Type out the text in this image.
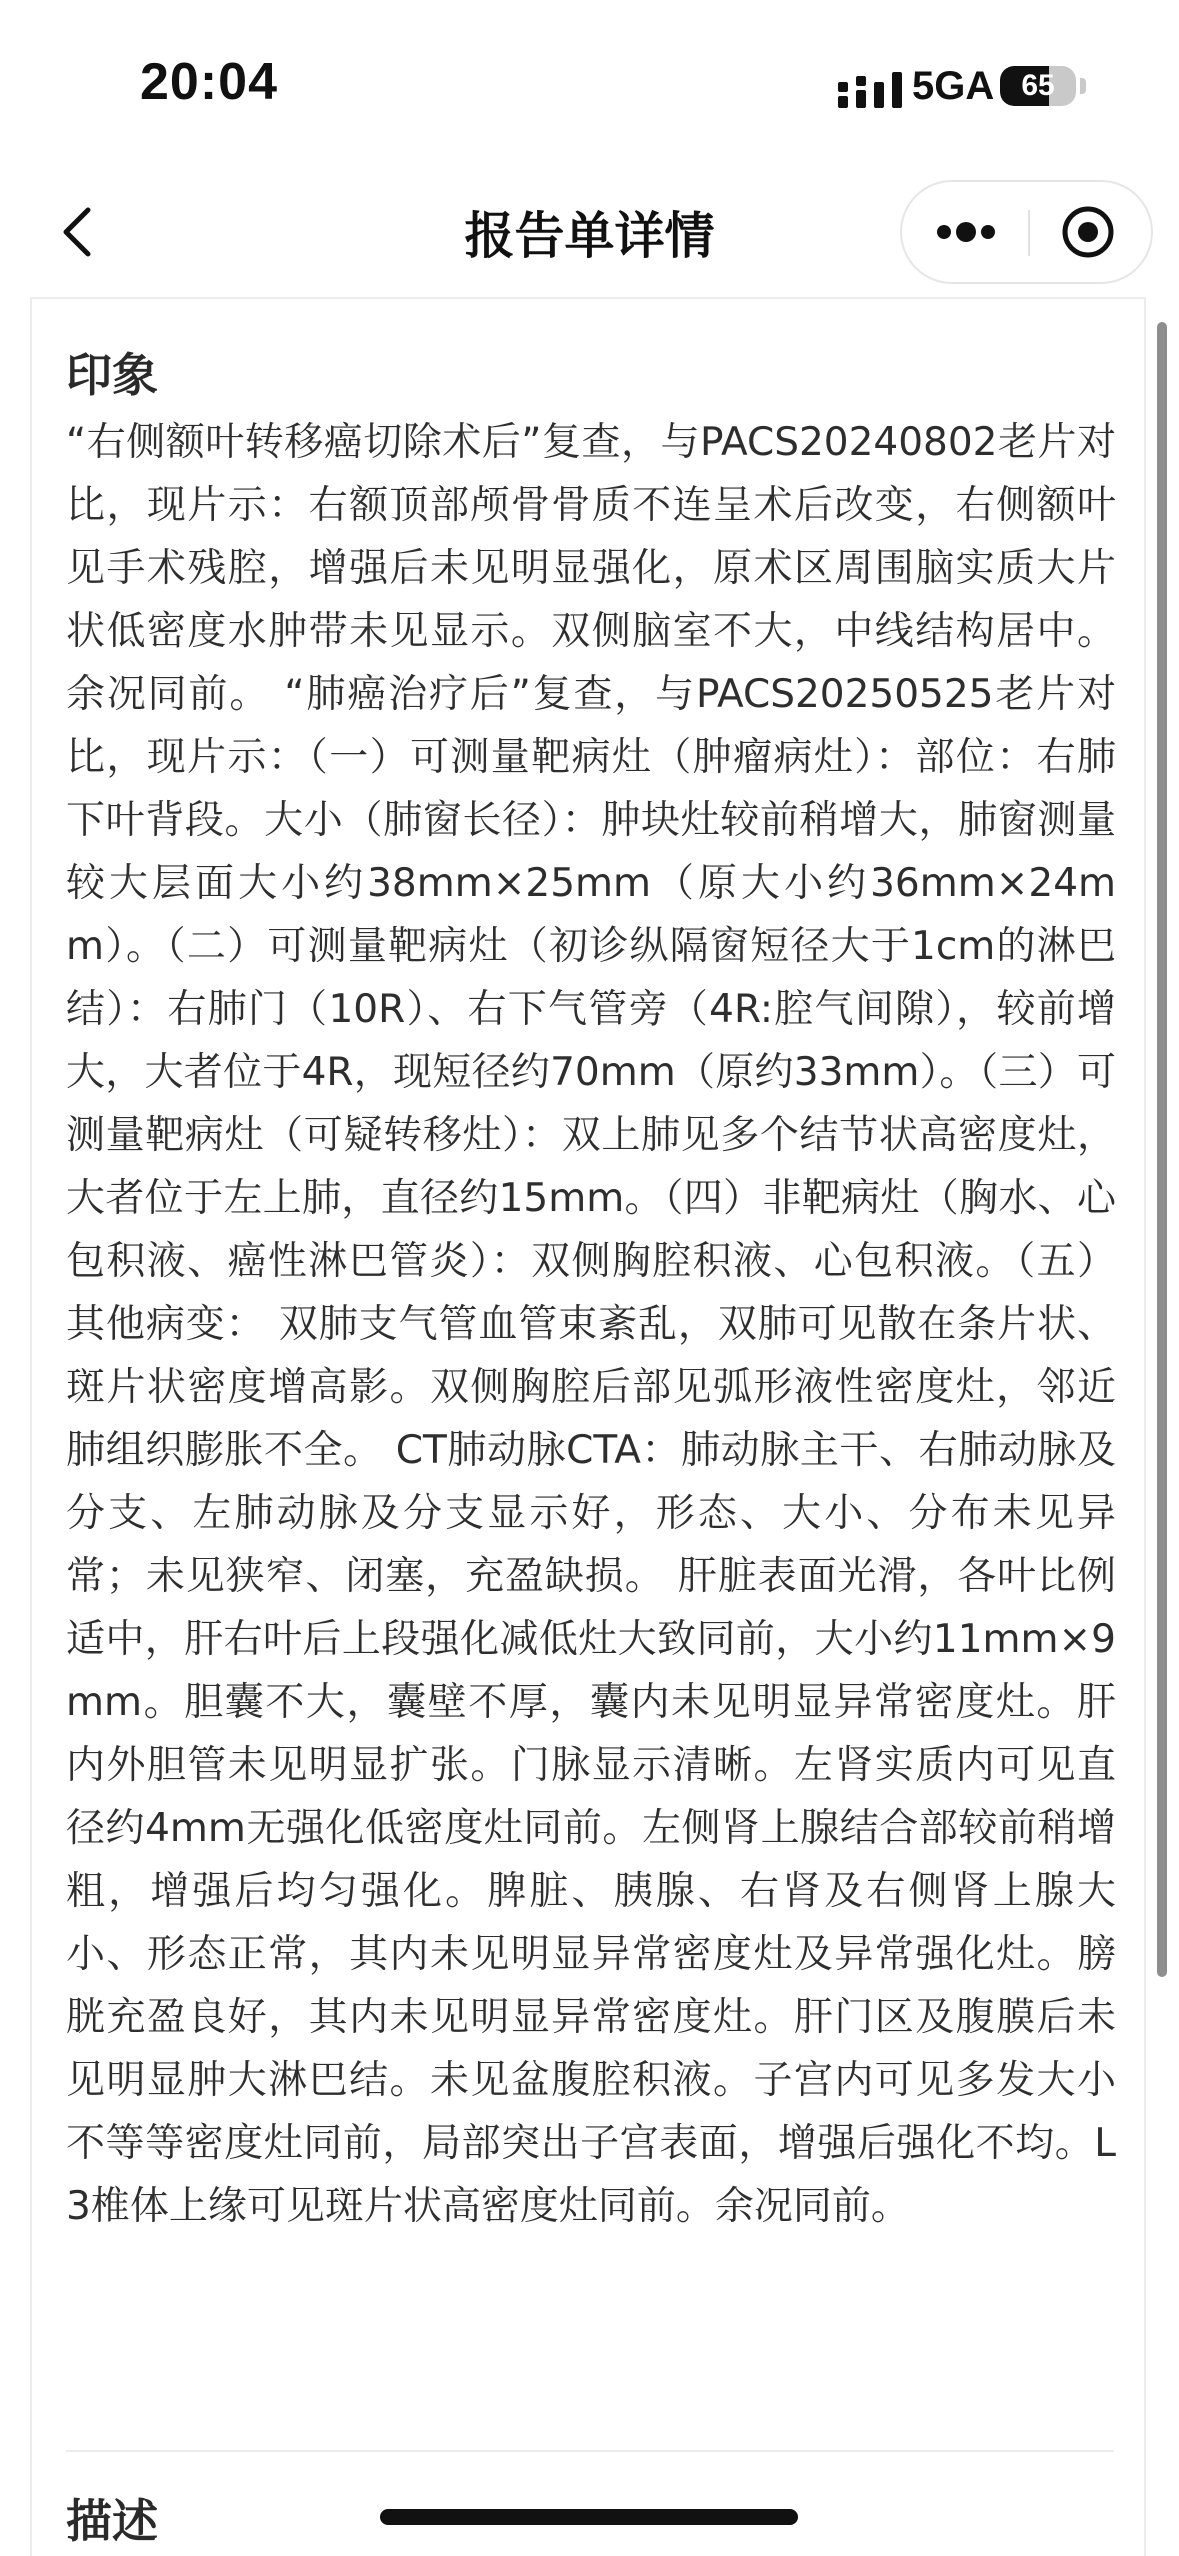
20:04	5GA 65
报告单详情
印象
“右侧额叶转移癌切除术后”复查，与PACS20240802老片对比，现片示：右额顶部颅骨骨质不连呈术后改变，右侧额叶见手术残腔，增强后未见明显强化，原术区周围脑实质大片状低密度水肿带未见显示。双侧脑室不大，中线结构居中。余况同前。 “肺癌治疗后”复查，与PACS20250525老片对比，现片示：（一）可测量靶病灶（肿瘤病灶）：部位：右肺下叶背段。大小（肺窗长径）：肿块灶较前稍增大，肺窗测量较大层面大小约38mm×25mm（原大小约36mm×24mm）。（二）可测量靶病灶（初诊纵隔窗短径大于1cm的淋巴结）：右肺门（10R）、右下气管旁（4R:腔气间隙），较前增大，大者位于4R，现短径约70mm（原约33mm）。（三）可测量靶病灶（可疑转移灶）：双上肺见多个结节状高密度灶，大者位于左上肺，直径约15mm。（四）非靶病灶（胸水、心包积液、癌性淋巴管炎）：双侧胸腔积液、心包积液。（五）其他病变： 双肺支气管血管束紊乱，双肺可见散在条片状、斑片状密度增高影。双侧胸腔后部见弧形液性密度灶，邻近肺组织膨胀不全。 CT肺动脉CTA：肺动脉主干、右肺动脉及分支、左肺动脉及分支显示好，形态、大小、分布未见异常；未见狭窄、闭塞，充盈缺损。 肝脏表面光滑，各叶比例适中，肝右叶后上段强化减低灶大致同前，大小约11mm×9mm。胆囊不大，囊壁不厚，囊内未见明显异常密度灶。肝内外胆管未见明显扩张。门脉显示清晰。左肾实质内可见直径约4mm无强化低密度灶同前。左侧肾上腺结合部较前稍增粗，增强后均匀强化。脾脏、胰腺、右肾及右侧肾上腺大小、形态正常，其内未见明显异常密度灶及异常强化灶。膀胱充盈良好，其内未见明显异常密度灶。肝门区及腹膜后未见明显肿大淋巴结。未见盆腹腔积液。子宫内可见多发大小不等等密度灶同前，局部突出子宫表面，增强后强化不均。L3椎体上缘可见斑片状高密度灶同前。余况同前。
描述
